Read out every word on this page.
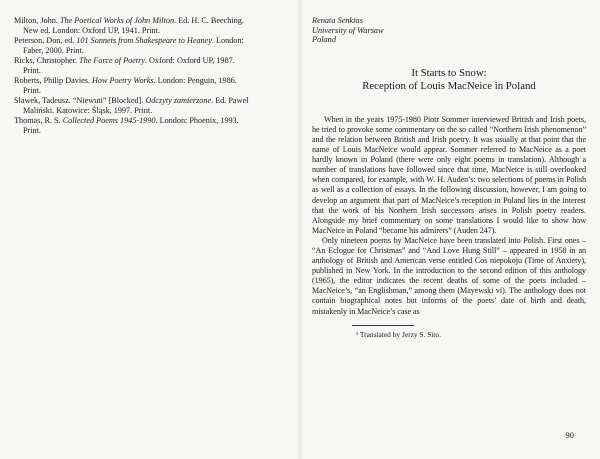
Milton, John. The Poetical Works of John Milton. Ed. H. C. Beeching.
New ed. London: Oxford UP, 1941. Print.
Peterson, Don, ed. 101 Sonnets from Shakespeare to Heaney. London:
Faber, 2000. Print.
Ricks, Christopher. The Force of Poetry. Oxford: Oxford UP, 1987.
Print.
Roberts, Philip Davies. How Poetry Works. London: Penguin, 1986.
Print.
Sławek, Tadeusz. “Niewuti” [Blocked]. Odczyty zamierzone. Ed. Paweł
Maliński. Katowice: Śląsk, 1997. Print.
Thomas, R. S. Collected Poems 1945-1990. London: Phoenix, 1993.
Print.
Renata Senktas
University of Warsaw
Poland
It Starts to Snow:
Reception of Louis MacNeice in Poland

When in the years 1975-1980 Piotr Sommer interviewed British and Irish poets, he tried to provoke some commentary on the so called “Northern Irish phenomenon” and the relation between British and Irish poetry. It was usually at that point that the name of Louis MacNeice would appear. Sommer referred to MacNeice as a poet hardly known in Poland (there were only eight poems in translation). Although a number of translations have followed since that time, MacNeice is still overlooked when compared, for example, with W. H. Auden’s: two selections of poems in Polish as well as a collection of essays. In the following discussion, however, I am going to develop an argument that part of MacNeice’s reception in Poland lies in the interest that the work of his Northern Irish successors arises in Polish poetry readers. Alongside my brief commentary on some translations I would like to show how MacNeice in Poland “became his admirers” (Auden 247).

Only nineteen poems by MacNeice have been translated into Polish. First ones – “An Eclogue for Christmas” and “And Love Hung Still” – appeared in 1958 in an anthology of British and American verse entitled Cos niepokoju (Time of Anxiety), published in New York. In the introduction to the second edition of this anthology (1965), the editor indicates the recent deaths of some of the poets included – MacNeice’s, “an Englishman,” among them (Mayewski vi). The anthology does not contain biographical notes but informs of the poets’ date of birth and death, mistakenly in MacNeice’s case as

¹ Translated by Jerzy S. Sito.
90
